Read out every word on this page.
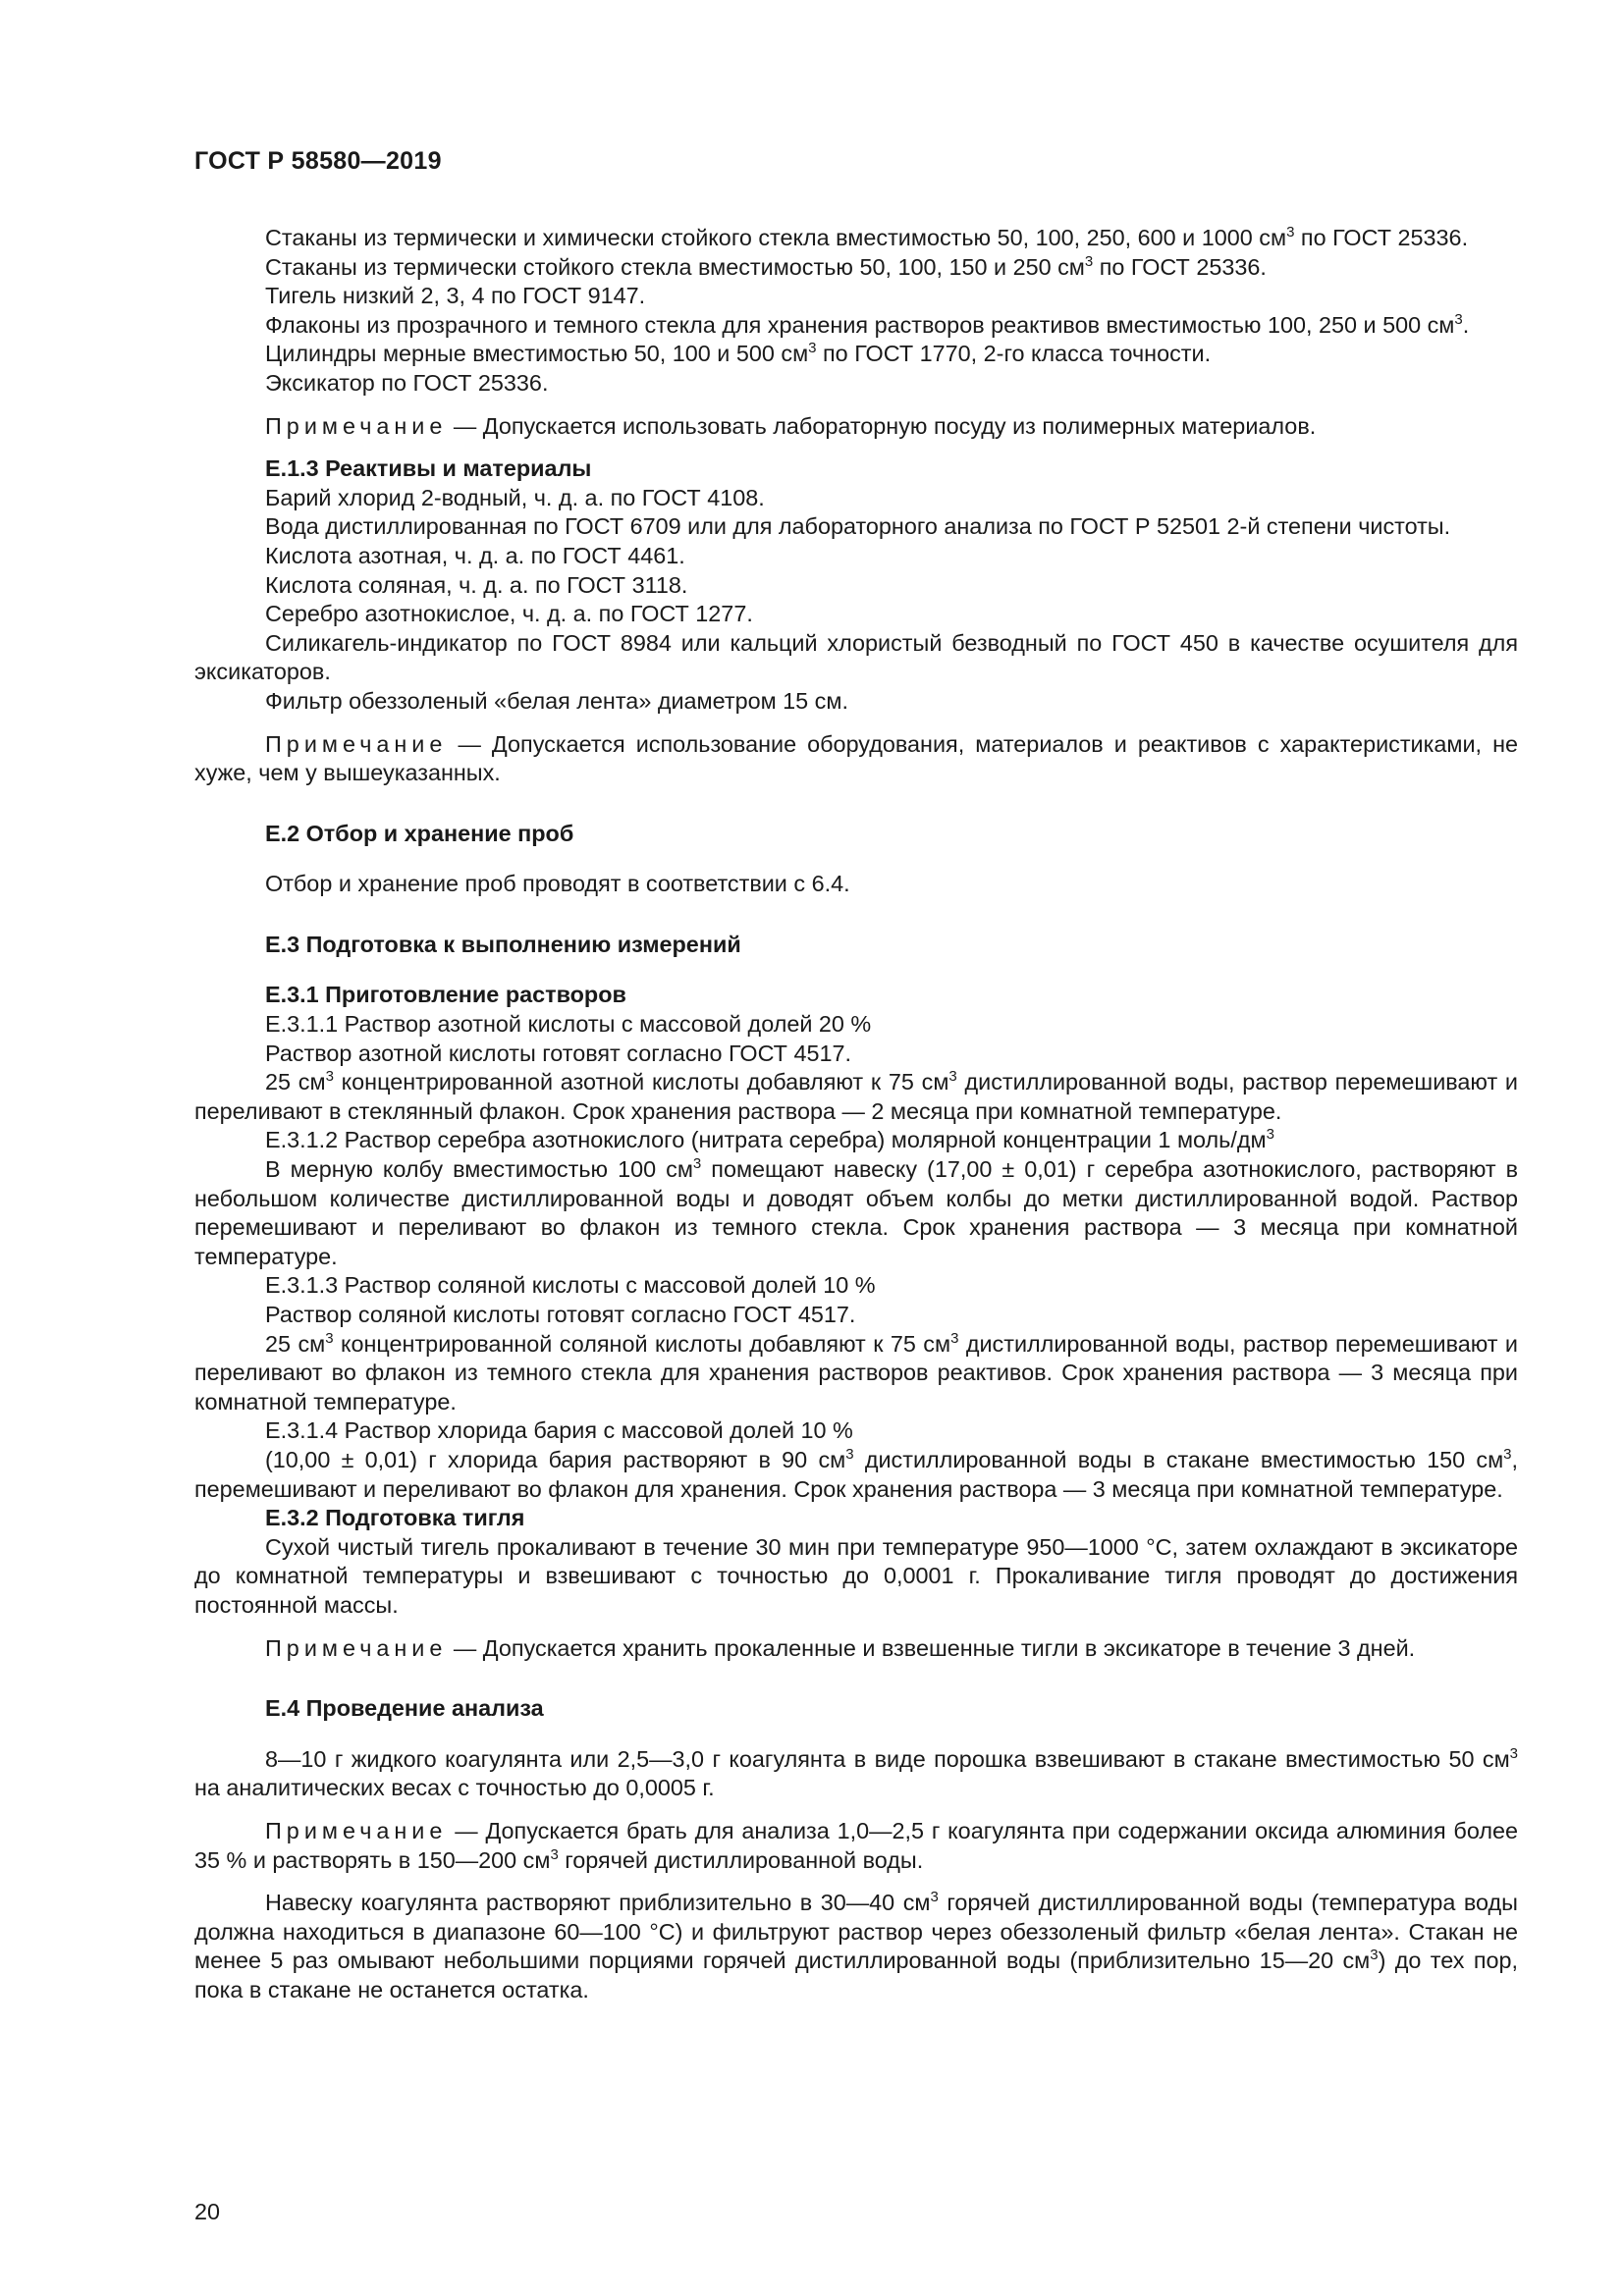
ГОСТ Р 58580—2019

Стаканы из термически и химически стойкого стекла вместимостью 50, 100, 250, 600 и 1000 $см^3$ по ГОСТ 25336.

Стаканы из термически стойкого стекла вместимостью 50, 100, 150 и 250 $см^3$ по ГОСТ 25336.

Тигель низкий 2, 3, 4 по ГОСТ 9147.

Флаконы из прозрачного и темного стекла для хранения растворов реактивов вместимостью 100, 250 и 500 $см^3$.

Цилиндры мерные вместимостью 50, 100 и 500 $см^3$ по ГОСТ 1770, 2-го класса точности.

Эксикатор по ГОСТ 25336.

Примечание — Допускается использовать лабораторную посуду из полимерных материалов.

Е.1.3 Реактивы и материалы

Барий хлорид 2-водный, ч. д. а. по ГОСТ 4108.

Вода дистиллированная по ГОСТ 6709 или для лабораторного анализа по ГОСТ Р 52501 2-й степени чистоты.

Кислота азотная, ч. д. а. по ГОСТ 4461.

Кислота соляная, ч. д. а. по ГОСТ 3118.

Серебро азотнокислое, ч. д. а. по ГОСТ 1277.

Силикагель-индикатор по ГОСТ 8984 или кальций хлористый безводный по ГОСТ 450 в качестве осушителя для эксикаторов.

Фильтр обеззоленый «белая лента» диаметром 15 см.

Примечание — Допускается использование оборудования, материалов и реактивов с характеристиками, не хуже, чем у вышеуказанных.

Е.2 Отбор и хранение проб

Отбор и хранение проб проводят в соответствии с 6.4.

Е.3 Подготовка к выполнению измерений

Е.3.1 Приготовление растворов

Е.3.1.1 Раствор азотной кислоты с массовой долей 20 %

Раствор азотной кислоты готовят согласно ГОСТ 4517.

25 $см^3$ концентрированной азотной кислоты добавляют к 75 $см^3$ дистиллированной воды, раствор перемешивают и переливают в стеклянный флакон. Срок хранения раствора — 2 месяца при комнатной температуре.

Е.3.1.2 Раствор серебра азотнокислого (нитрата серебра) молярной концентрации 1 моль/$дм^3$

В мерную колбу вместимостью 100 $см^3$ помещают навеску (17,00 ± 0,01) г серебра азотнокислого, растворяют в небольшом количестве дистиллированной воды и доводят объем колбы до метки дистиллированной водой. Раствор перемешивают и переливают во флакон из темного стекла. Срок хранения раствора — 3 месяца при комнатной температуре.

Е.3.1.3 Раствор соляной кислоты с массовой долей 10 %

Раствор соляной кислоты готовят согласно ГОСТ 4517.

25 $см^3$ концентрированной соляной кислоты добавляют к 75 $см^3$ дистиллированной воды, раствор перемешивают и переливают во флакон из темного стекла для хранения растворов реактивов. Срок хранения раствора — 3 месяца при комнатной температуре.

Е.3.1.4 Раствор хлорида бария с массовой долей 10 %

(10,00 ± 0,01) г хлорида бария растворяют в 90 $см^3$ дистиллированной воды в стакане вместимостью 150 $см^3$, перемешивают и переливают во флакон для хранения. Срок хранения раствора — 3 месяца при комнатной температуре.

Е.3.2 Подготовка тигля

Сухой чистый тигель прокаливают в течение 30 мин при температуре 950—1000 °С, затем охлаждают в эксикаторе до комнатной температуры и взвешивают с точностью до 0,0001 г. Прокаливание тигля проводят до достижения постоянной массы.

Примечание — Допускается хранить прокаленные и взвешенные тигли в эксикаторе в течение 3 дней.

Е.4 Проведение анализа

8—10 г жидкого коагулянта или 2,5—3,0 г коагулянта в виде порошка взвешивают в стакане вместимостью 50 $см^3$ на аналитических весах с точностью до 0,0005 г.

Примечание — Допускается брать для анализа 1,0—2,5 г коагулянта при содержании оксида алюминия более 35 % и растворять в 150—200 $см^3$ горячей дистиллированной воды.

Навеску коагулянта растворяют приблизительно в 30—40 $см^3$ горячей дистиллированной воды (температура воды должна находиться в диапазоне 60—100 °С) и фильтруют раствор через обеззоленый фильтр «белая лента». Стакан не менее 5 раз омывают небольшими порциями горячей дистиллированной воды (приблизительно 15—20 $см^3$) до тех пор, пока в стакане не останется остатка.

20
